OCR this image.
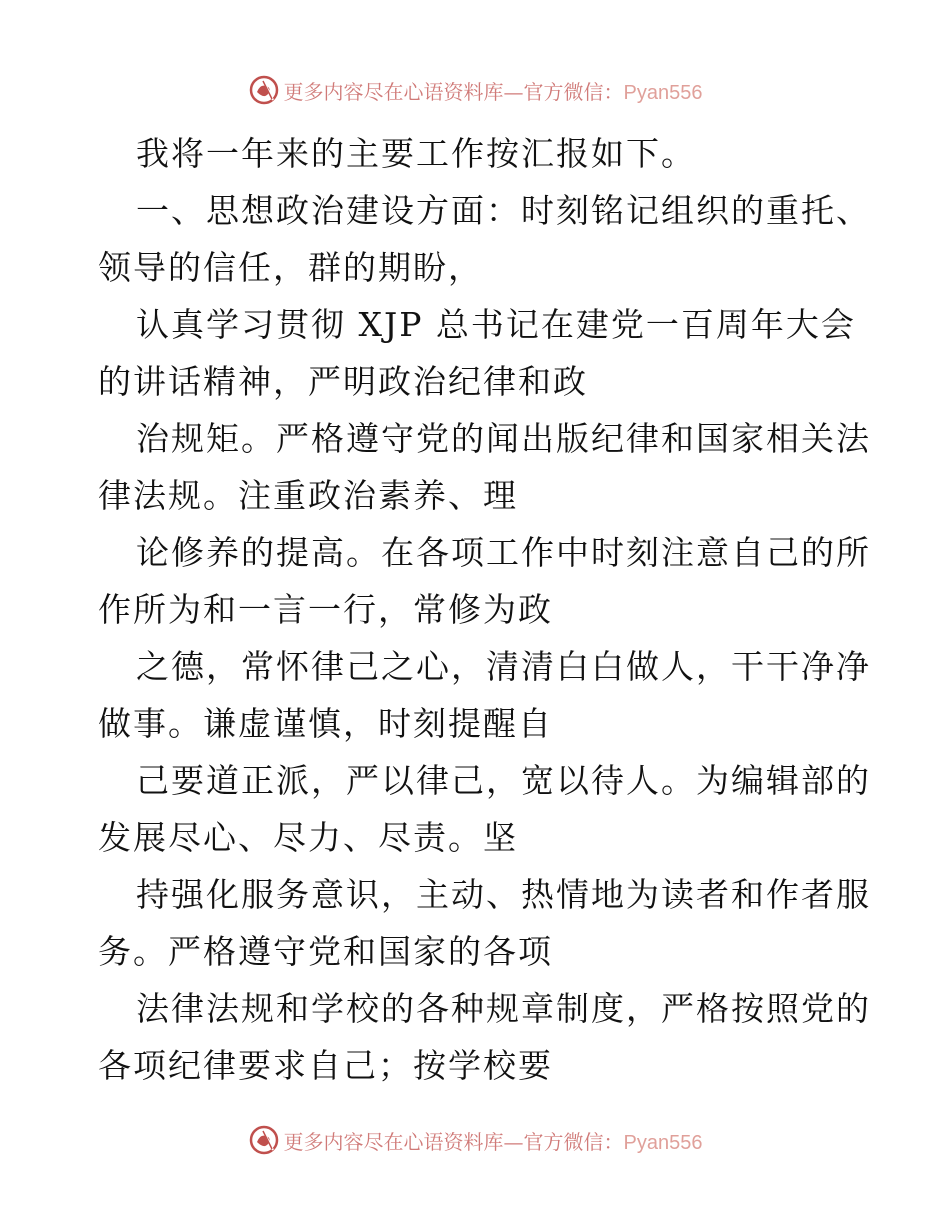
更多内容尽在心语资料库—官方微信：Pyan556
我将一年来的主要工作按汇报如下。
一、思想政治建设方面：时刻铭记组织的重托、
领导的信任，群的期盼，
认真学习贯彻 XJP 总书记在建党一百周年大会
的讲话精神，严明政治纪律和政
治规矩。严格遵守党的闻出版纪律和国家相关法
律法规。注重政治素养、理
论修养的提高。在各项工作中时刻注意自己的所
作所为和一言一行，常修为政
之德，常怀律己之心，清清白白做人，干干净净
做事。谦虚谨慎，时刻提醒自
己要道正派，严以律己，宽以待人。为编辑部的
发展尽心、尽力、尽责。坚
持强化服务意识，主动、热情地为读者和作者服
务。严格遵守党和国家的各项
法律法规和学校的各种规章制度，严格按照党的
各项纪律要求自己；按学校要
更多内容尽在心语资料库—官方微信：Pyan556
